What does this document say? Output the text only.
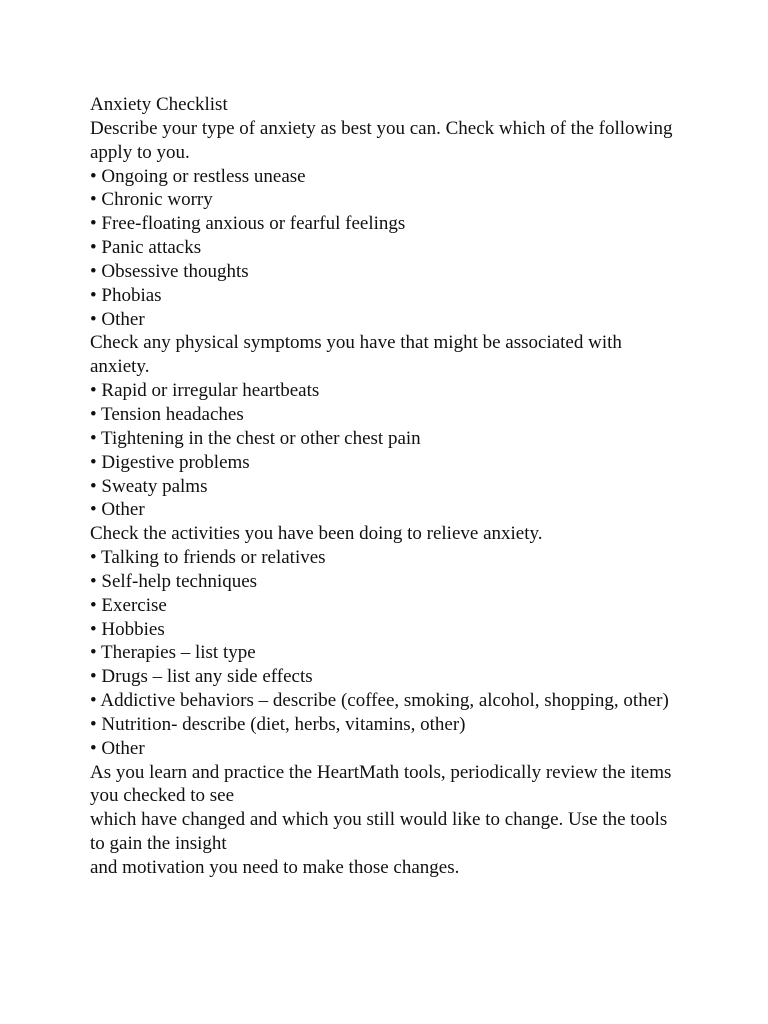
Anxiety Checklist
Describe your type of anxiety as best you can. Check which of the following apply to you.
• Ongoing or restless unease
• Chronic worry
• Free-floating anxious or fearful feelings
• Panic attacks
• Obsessive thoughts
• Phobias
• Other
Check any physical symptoms you have that might be associated with anxiety.
• Rapid or irregular heartbeats
• Tension headaches
• Tightening in the chest or other chest pain
• Digestive problems
• Sweaty palms
• Other
Check the activities you have been doing to relieve anxiety.
• Talking to friends or relatives
• Self-help techniques
• Exercise
• Hobbies
• Therapies – list type
• Drugs – list any side effects
• Addictive behaviors – describe (coffee, smoking, alcohol, shopping, other)
• Nutrition- describe (diet, herbs, vitamins, other)
• Other
As you learn and practice the HeartMath tools, periodically review the items you checked to see
which have changed and which you still would like to change. Use the tools to gain the insight
and motivation you need to make those changes.
